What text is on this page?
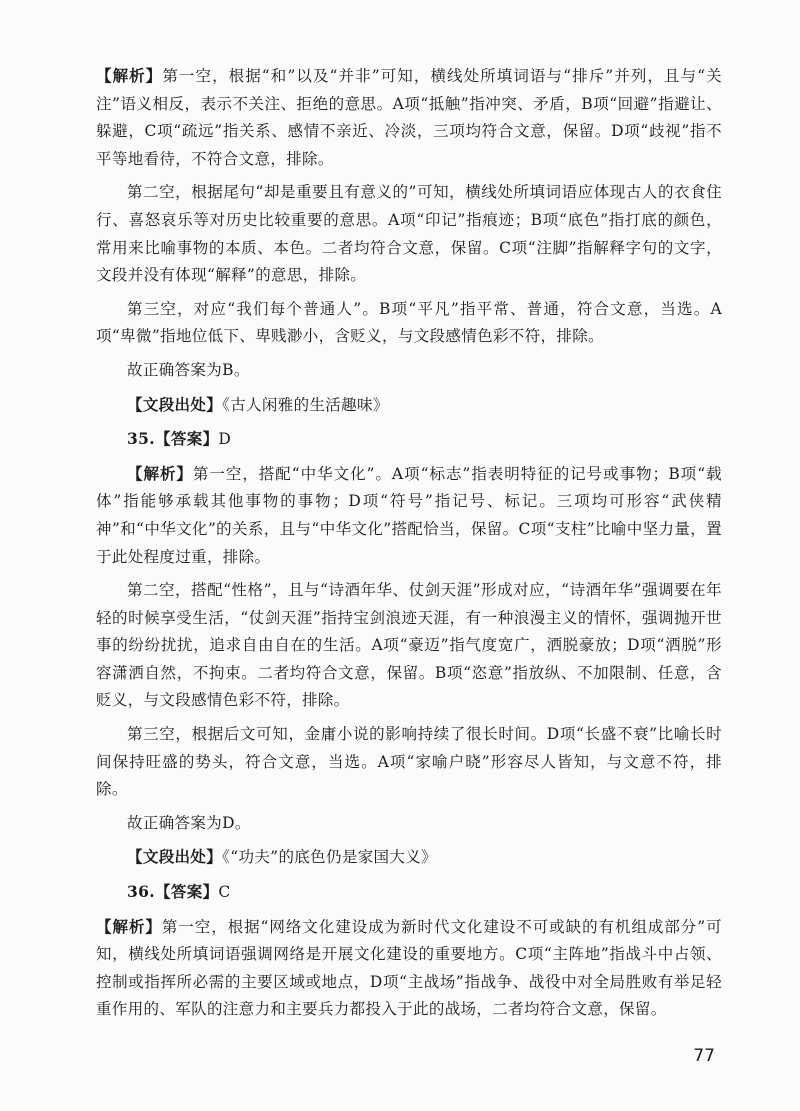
【解析】第一空，根据“和”以及“并非”可知，横线处所填词语与“排斥”并列，且与“关注”语义相反，表示不关注、拒绝的意思。A项“抵触”指冲突、矛盾，B项“回避”指避让、躲避，C项“疏远”指关系、感情不亲近、冷淡，三项均符合文意，保留。D项“歧视”指不平等地看待，不符合文意，排除。

第二空，根据尾句“却是重要且有意义的”可知，横线处所填词语应体现古人的衣食住行、喜怒哀乐等对历史比较重要的意思。A项“印记”指痕迹；B项“底色”指打底的颜色，常用来比喻事物的本质、本色。二者均符合文意，保留。C项“注脚”指解释字句的文字，文段并没有体现“解释”的意思，排除。

第三空，对应“我们每个普通人”。B项“平凡”指平常、普通，符合文意，当选。A项“卑微”指地位低下、卑贱渺小，含贬义，与文段感情色彩不符，排除。

故正确答案为B。

【文段出处】《古人闲雅的生活趣味》

35.【答案】D

【解析】第一空，搭配“中华文化”。A项“标志”指表明特征的记号或事物；B项“载体”指能够承载其他事物的事物；D项“符号”指记号、标记。三项均可形容“武侠精神”和“中华文化”的关系，且与“中华文化”搭配恰当，保留。C项“支柱”比喻中坚力量，置于此处程度过重，排除。

第二空，搭配“性格”，且与“诗酒年华、仗剑天涯”形成对应，“诗酒年华”强调要在年轻的时候享受生活，“仗剑天涯”指持宝剑浪迹天涯，有一种浪漫主义的情怀，强调抛开世事的纷纷扰扰，追求自由自在的生活。A项“豪迈”指气度宽广，洒脱豪放；D项“洒脱”形容潇洒自然，不拘束。二者均符合文意，保留。B项“恣意”指放纵、不加限制、任意，含贬义，与文段感情色彩不符，排除。

第三空，根据后文可知，金庸小说的影响持续了很长时间。D项“长盛不衰”比喻长时间保持旺盛的势头，符合文意，当选。A项“家喻户晓”形容尽人皆知，与文意不符，排除。

故正确答案为D。

【文段出处】《“功夫”的底色仍是家国大义》

36.【答案】C

【解析】第一空，根据“网络文化建设成为新时代文化建设不可或缺的有机组成部分”可知，横线处所填词语强调网络是开展文化建设的重要地方。C项“主阵地”指战斗中占领、控制或指挥所必需的主要区域或地点，D项“主战场”指战争、战役中对全局胜败有举足轻重作用的、军队的注意力和主要兵力都投入于此的战场，二者均符合文意，保留。

77
